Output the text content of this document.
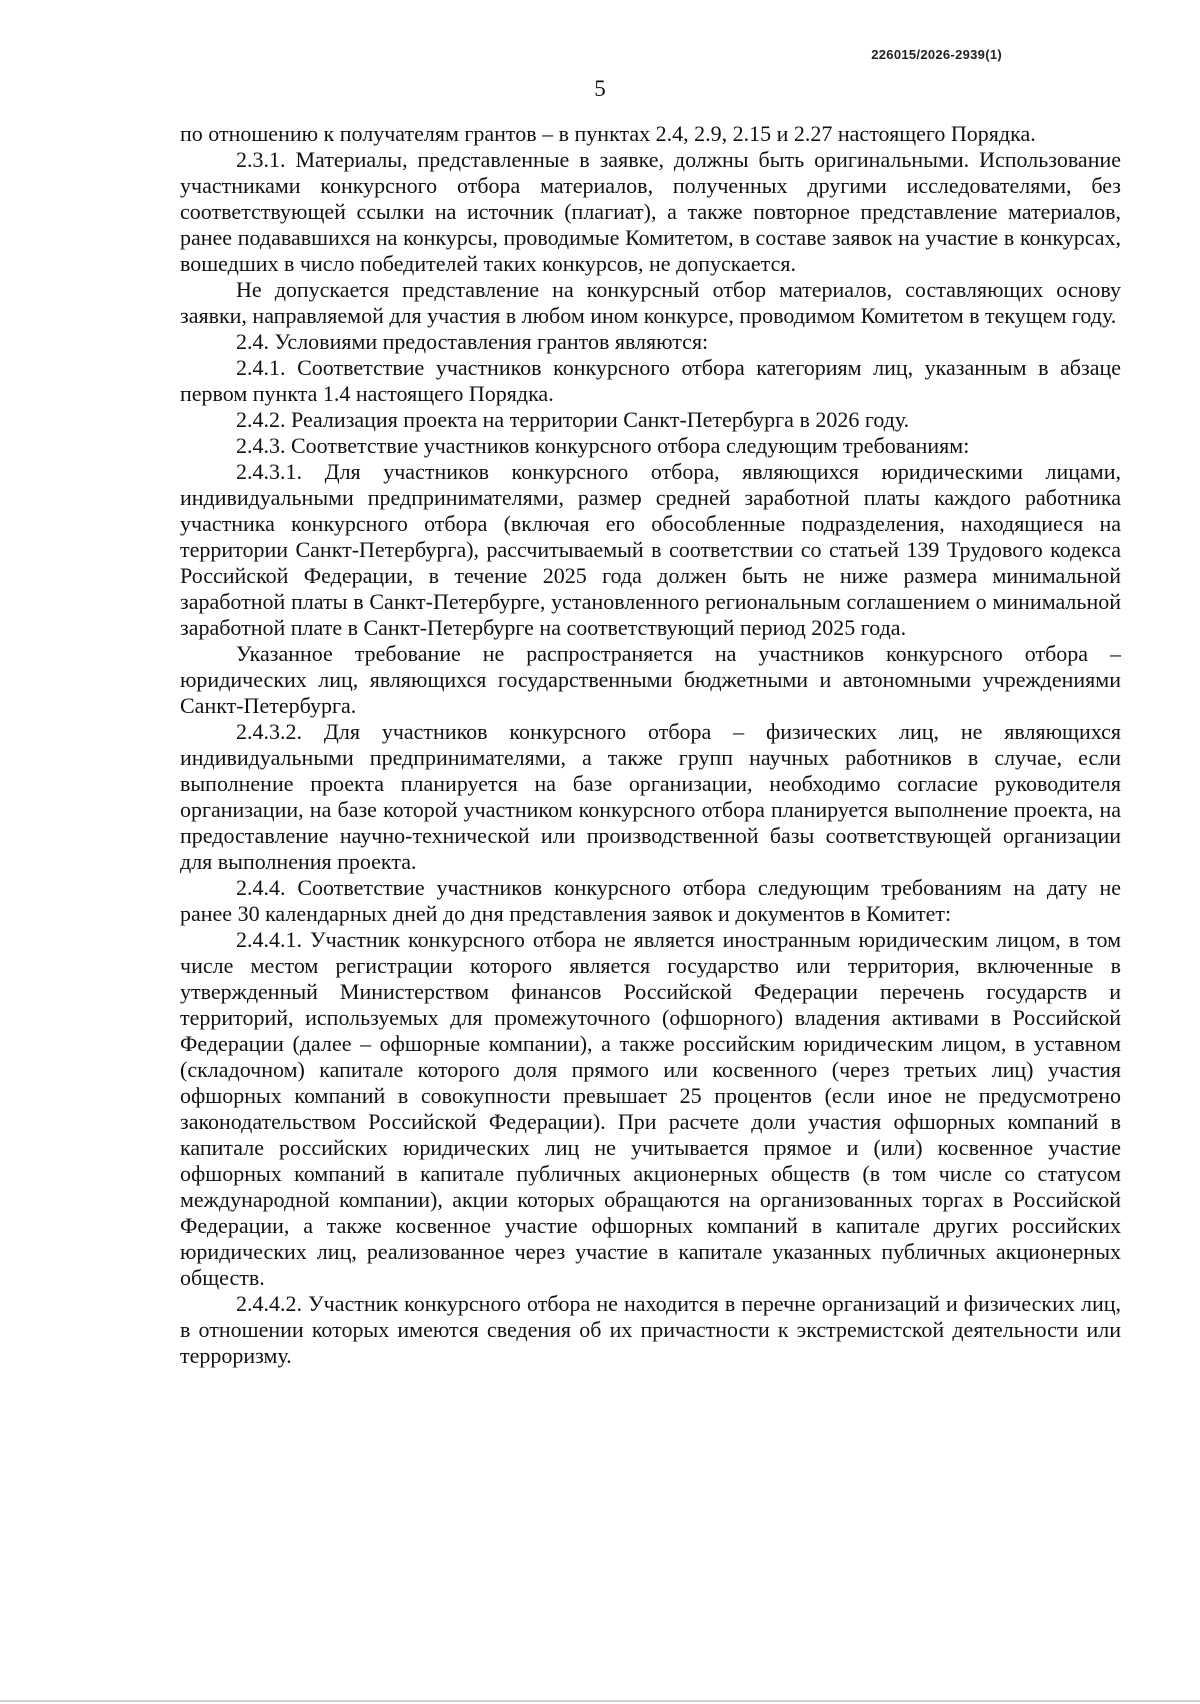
226015/2026-2939(1)
5

по отношению к получателям грантов – в пунктах 2.4, 2.9, 2.15 и 2.27 настоящего Порядка.

2.3.1. Материалы, представленные в заявке, должны быть оригинальными. Использование участниками конкурсного отбора материалов, полученных другими исследователями, без соответствующей ссылки на источник (плагиат), а также повторное представление материалов, ранее подававшихся на конкурсы, проводимые Комитетом, в составе заявок на участие в конкурсах, вошедших в число победителей таких конкурсов, не допускается.

Не допускается представление на конкурсный отбор материалов, составляющих основу заявки, направляемой для участия в любом ином конкурсе, проводимом Комитетом в текущем году.

2.4. Условиями предоставления грантов являются:

2.4.1. Соответствие участников конкурсного отбора категориям лиц, указанным в абзаце первом пункта 1.4 настоящего Порядка.

2.4.2. Реализация проекта на территории Санкт-Петербурга в 2026 году.

2.4.3. Соответствие участников конкурсного отбора следующим требованиям:

2.4.3.1. Для участников конкурсного отбора, являющихся юридическими лицами, индивидуальными предпринимателями, размер средней заработной платы каждого работника участника конкурсного отбора (включая его обособленные подразделения, находящиеся на территории Санкт-Петербурга), рассчитываемый в соответствии со статьей 139 Трудового кодекса Российской Федерации, в течение 2025 года должен быть не ниже размера минимальной заработной платы в Санкт-Петербурге, установленного региональным соглашением о минимальной заработной плате в Санкт-Петербурге на соответствующий период 2025 года.

Указанное требование не распространяется на участников конкурсного отбора – юридических лиц, являющихся государственными бюджетными и автономными учреждениями Санкт-Петербурга.

2.4.3.2. Для участников конкурсного отбора – физических лиц, не являющихся индивидуальными предпринимателями, а также групп научных работников в случае, если выполнение проекта планируется на базе организации, необходимо согласие руководителя организации, на базе которой участником конкурсного отбора планируется выполнение проекта, на предоставление научно-технической или производственной базы соответствующей организации для выполнения проекта.

2.4.4. Соответствие участников конкурсного отбора следующим требованиям на дату не ранее 30 календарных дней до дня представления заявок и документов в Комитет:

2.4.4.1. Участник конкурсного отбора не является иностранным юридическим лицом, в том числе местом регистрации которого является государство или территория, включенные в утвержденный Министерством финансов Российской Федерации перечень государств и территорий, используемых для промежуточного (офшорного) владения активами в Российской Федерации (далее – офшорные компании), а также российским юридическим лицом, в уставном (складочном) капитале которого доля прямого или косвенного (через третьих лиц) участия офшорных компаний в совокупности превышает 25 процентов (если иное не предусмотрено законодательством Российской Федерации). При расчете доли участия офшорных компаний в капитале российских юридических лиц не учитывается прямое и (или) косвенное участие офшорных компаний в капитале публичных акционерных обществ (в том числе со статусом международной компании), акции которых обращаются на организованных торгах в Российской Федерации, а также косвенное участие офшорных компаний в капитале других российских юридических лиц, реализованное через участие в капитале указанных публичных акционерных обществ.

2.4.4.2. Участник конкурсного отбора не находится в перечне организаций и физических лиц, в отношении которых имеются сведения об их причастности к экстремистской деятельности или терроризму.
